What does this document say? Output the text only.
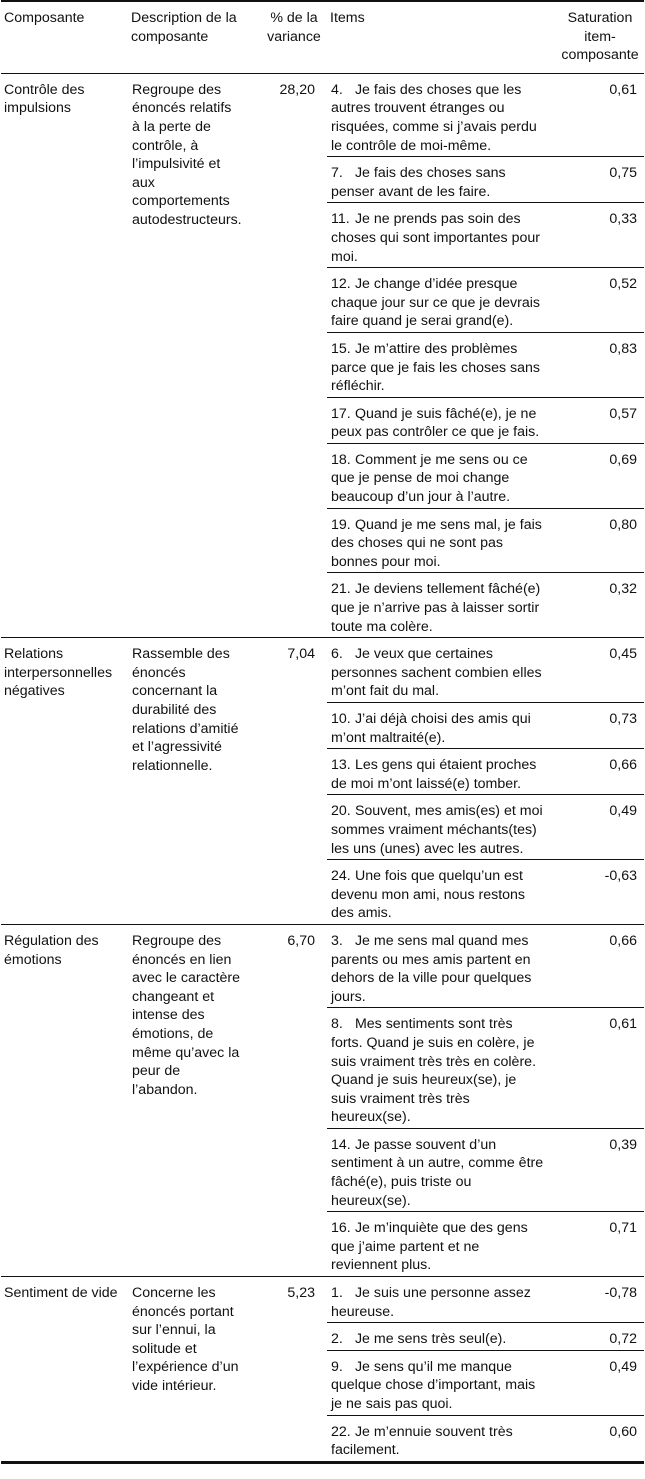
Composante	Description de la composante	% de la variance	Items	Saturation item-composante
Contrôle des impulsions	Regroupe des énoncés relatifs à la perte de contrôle, à l’impulsivité et aux comportements autodestructeurs.	28,20	4. Je fais des choses que les autres trouvent étranges ou risquées, comme si j’avais perdu le contrôle de moi-même.	0,61
			7. Je fais des choses sans penser avant de les faire.	0,75
			11. Je ne prends pas soin des choses qui sont importantes pour moi.	0,33
			12. Je change d’idée presque chaque jour sur ce que je devrais faire quand je serai grand(e).	0,52
			15. Je m’attire des problèmes parce que je fais les choses sans réfléchir.	0,83
			17. Quand je suis fâché(e), je ne peux pas contrôler ce que je fais.	0,57
			18. Comment je me sens ou ce que je pense de moi change beaucoup d’un jour à l’autre.	0,69
			19. Quand je me sens mal, je fais des choses qui ne sont pas bonnes pour moi.	0,80
			21. Je deviens tellement fâché(e) que je n’arrive pas à laisser sortir toute ma colère.	0,32
Relations interpersonnelles négatives	Rassemble des énoncés concernant la durabilité des relations d’amitié et l’agressivité relationnelle.	7,04	6. Je veux que certaines personnes sachent combien elles m’ont fait du mal.	0,45
			10. J’ai déjà choisi des amis qui m’ont maltraité(e).	0,73
			13. Les gens qui étaient proches de moi m’ont laissé(e) tomber.	0,66
			20. Souvent, mes amis(es) et moi sommes vraiment méchants(tes) les uns (unes) avec les autres.	0,49
			24. Une fois que quelqu’un est devenu mon ami, nous restons des amis.	-0,63
Régulation des émotions	Regroupe des énoncés en lien avec le caractère changeant et intense des émotions, de même qu’avec la peur de l’abandon.	6,70	3. Je me sens mal quand mes parents ou mes amis partent en dehors de la ville pour quelques jours.	0,66
			8. Mes sentiments sont très forts. Quand je suis en colère, je suis vraiment très très en colère. Quand je suis heureux(se), je suis vraiment très très heureux(se).	0,61
			14. Je passe souvent d’un sentiment à un autre, comme être fâché(e), puis triste ou heureux(se).	0,39
			16. Je m’inquiète que des gens que j’aime partent et ne reviennent plus.	0,71
Sentiment de vide	Concerne les énoncés portant sur l’ennui, la solitude et l’expérience d’un vide intérieur.	5,23	1. Je suis une personne assez heureuse.	-0,78
			2. Je me sens très seul(e).	0,72
			9. Je sens qu’il me manque quelque chose d’important, mais je ne sais pas quoi.	0,49
			22. Je m’ennuie souvent très facilement.	0,60
